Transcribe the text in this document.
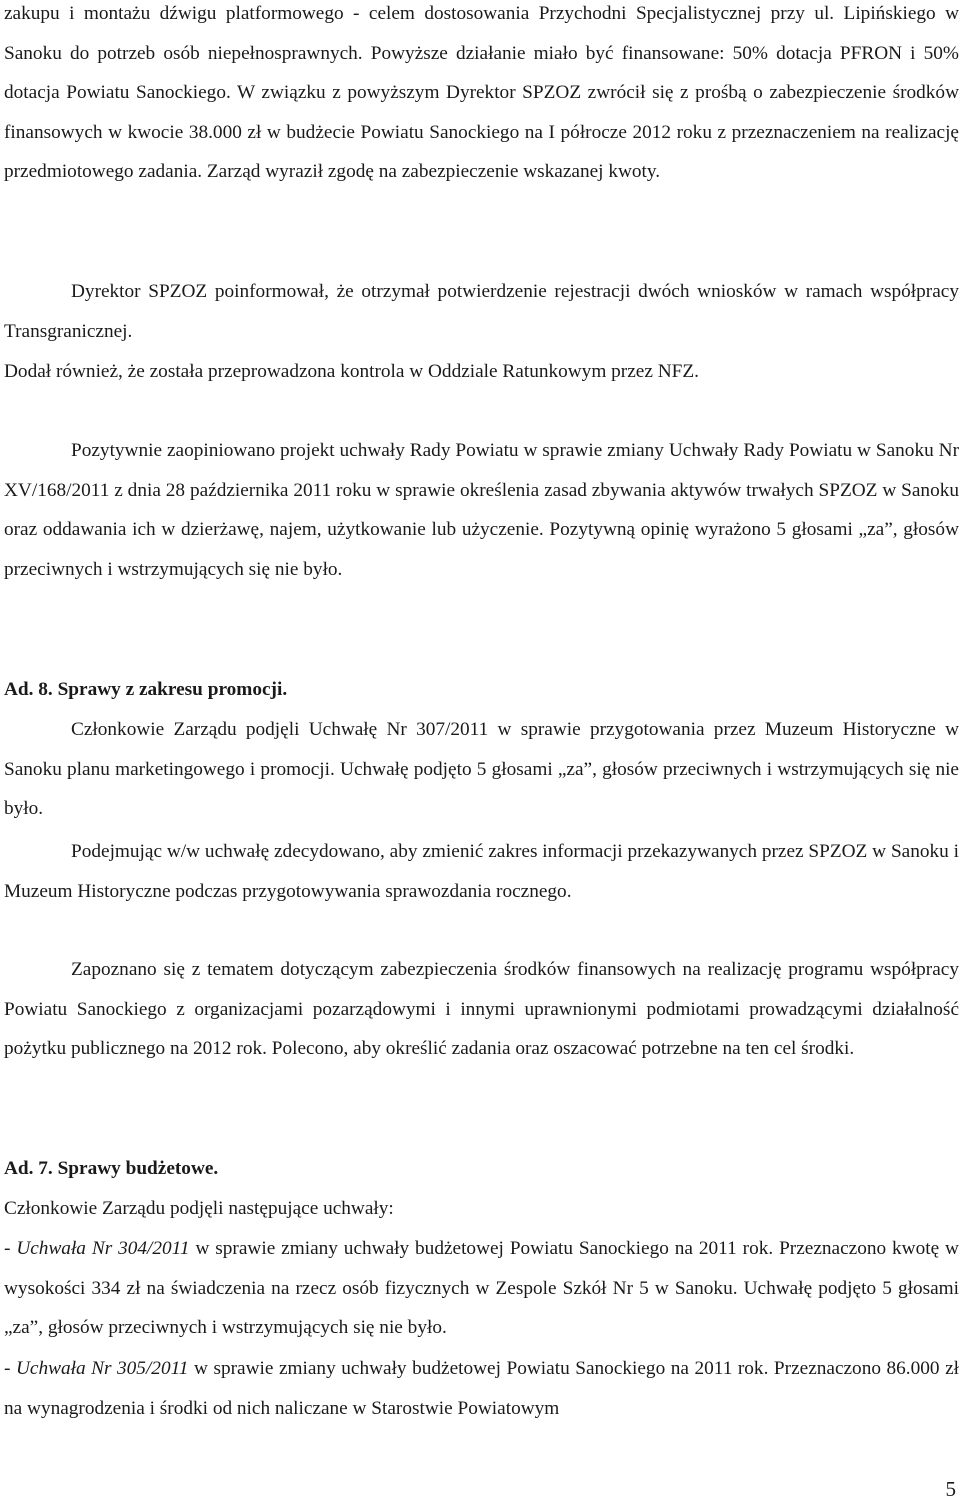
zakupu i montażu dźwigu platformowego - celem dostosowania Przychodni Specjalistycznej przy ul. Lipińskiego w Sanoku do potrzeb osób niepełnosprawnych. Powyższe działanie miało być finansowane: 50% dotacja PFRON i 50% dotacja Powiatu Sanockiego. W związku z powyższym Dyrektor SPZOZ zwrócił się z prośbą o zabezpieczenie środków finansowych w kwocie 38.000 zł w budżecie Powiatu Sanockiego na I półrocze 2012 roku z przeznaczeniem na realizację przedmiotowego zadania. Zarząd wyraził zgodę na zabezpieczenie wskazanej kwoty.

Dyrektor SPZOZ poinformował, że otrzymał potwierdzenie rejestracji dwóch wniosków w ramach współpracy Transgranicznej.

Dodał również, że została przeprowadzona kontrola w Oddziale Ratunkowym przez NFZ.

Pozytywnie zaopiniowano projekt uchwały Rady Powiatu w sprawie zmiany Uchwały Rady Powiatu w Sanoku Nr XV/168/2011 z dnia 28 października 2011 roku w sprawie określenia zasad zbywania aktywów trwałych SPZOZ w Sanoku oraz oddawania ich w dzierżawę, najem, użytkowanie lub użyczenie. Pozytywną opinię wyrażono 5 głosami „za”, głosów przeciwnych i wstrzymujących się nie było.

Ad. 8. Sprawy z zakresu promocji.

Członkowie Zarządu podjęli Uchwałę Nr 307/2011 w sprawie przygotowania przez Muzeum Historyczne w Sanoku planu marketingowego i promocji. Uchwałę podjęto 5 głosami „za”, głosów przeciwnych i wstrzymujących się nie było.

Podejmując w/w uchwałę zdecydowano, aby zmienić zakres informacji przekazywanych przez SPZOZ w Sanoku i Muzeum Historyczne podczas przygotowywania sprawozdania rocznego.

Zapoznano się z tematem dotyczącym zabezpieczenia środków finansowych na realizację programu współpracy Powiatu Sanockiego z organizacjami pozarządowymi i innymi uprawnionymi podmiotami prowadzącymi działalność pożytku publicznego na 2012 rok. Polecono, aby określić zadania oraz oszacować potrzebne na ten cel środki.

Ad. 7. Sprawy budżetowe.

Członkowie Zarządu podjęli następujące uchwały:

- Uchwała Nr 304/2011 w sprawie zmiany uchwały budżetowej Powiatu Sanockiego na 2011 rok. Przeznaczono kwotę w wysokości 334 zł na świadczenia na rzecz osób fizycznych w Zespole Szkół Nr 5 w Sanoku. Uchwałę podjęto 5 głosami „za”, głosów przeciwnych i wstrzymujących się nie było.

- Uchwała Nr 305/2011 w sprawie zmiany uchwały budżetowej Powiatu Sanockiego na 2011 rok. Przeznaczono 86.000 zł na wynagrodzenia i środki od nich naliczane w Starostwie Powiatowym

5
